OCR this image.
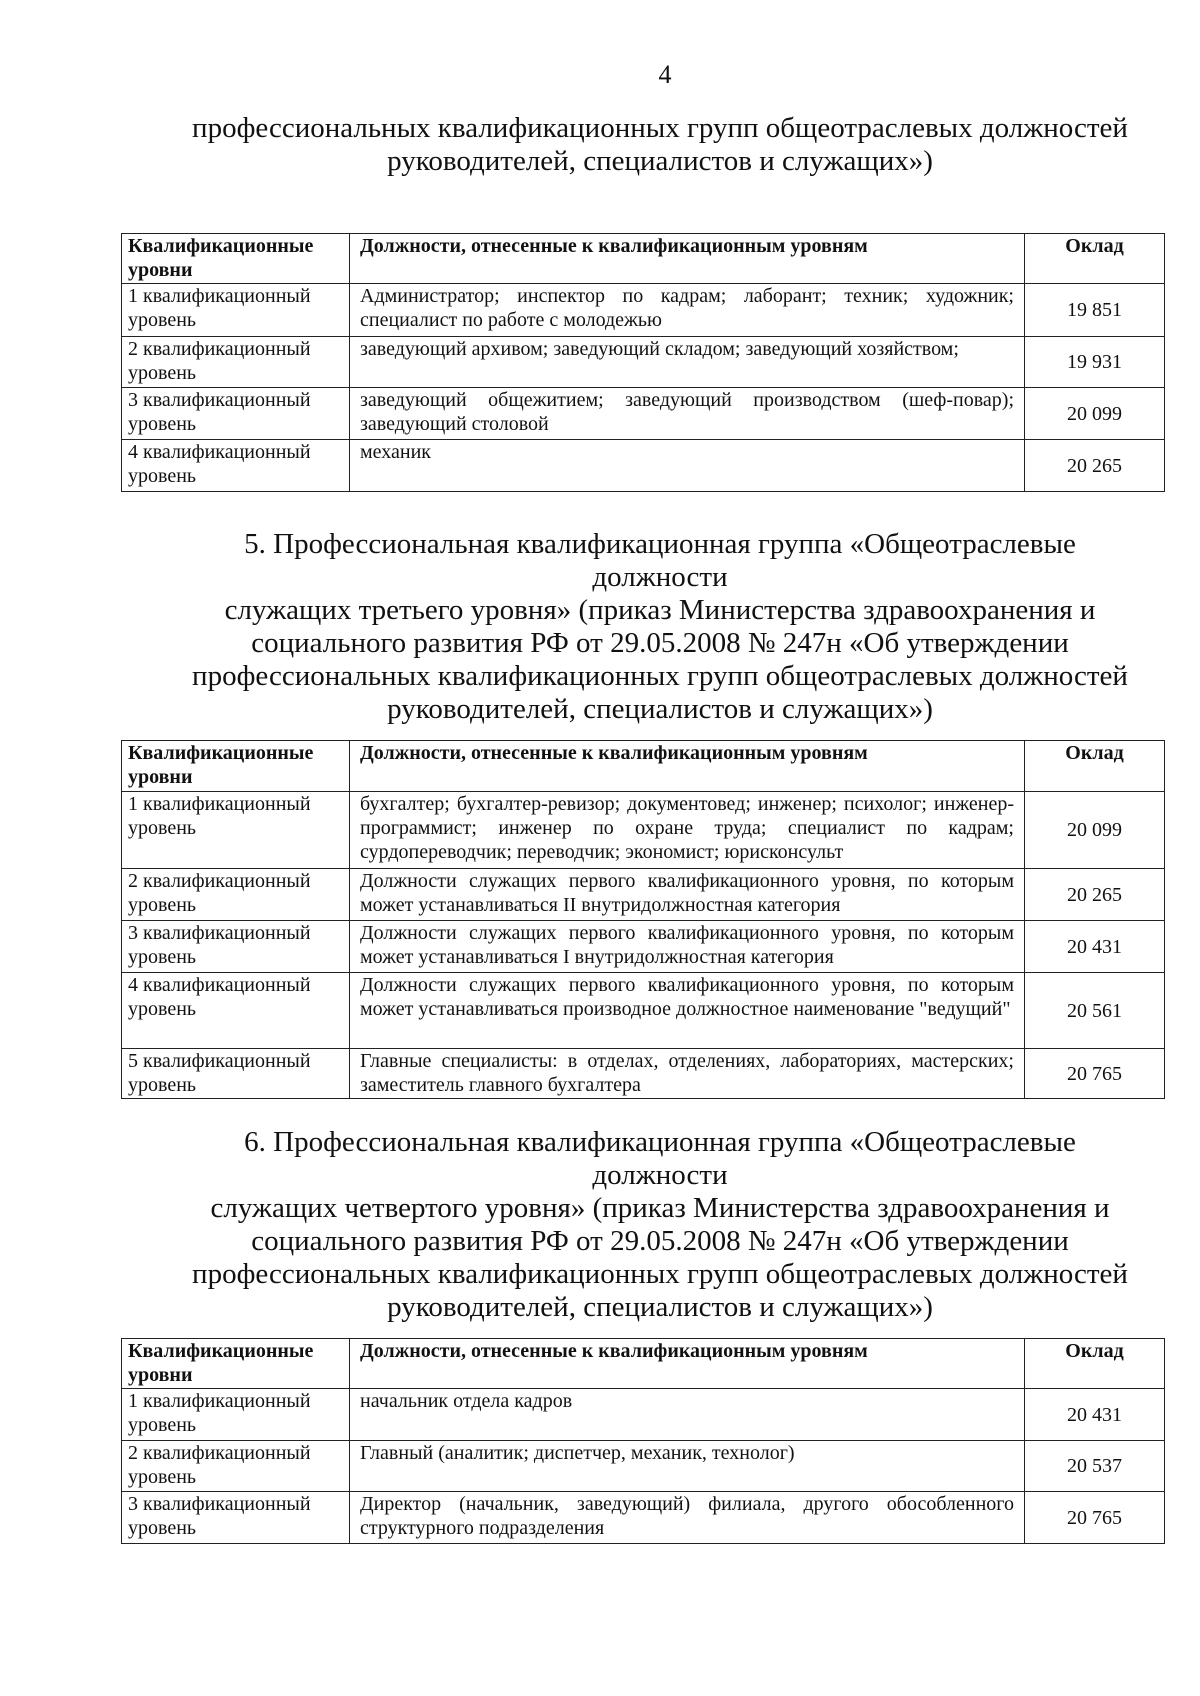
4
профессиональных квалификационных групп общеотраслевых должностей
руководителей, специалистов и служащих»)
Квалификационные уровни	Должности, отнесенные к квалификационным уровням	Оклад
1 квалификационный уровень	Администратор; инспектор по кадрам; лаборант; техник; художник; специалист по работе с молодежью	19 851
2 квалификационный уровень	заведующий архивом; заведующий складом; заведующий хозяйством;	19 931
3 квалификационный уровень	заведующий общежитием; заведующий производством (шеф-повар); заведующий столовой	20 099
4 квалификационный уровень	механик	20 265
5. Профессиональная квалификационная группа «Общеотраслевые должности
служащих третьего уровня» (приказ Министерства здравоохранения и
социального развития РФ от 29.05.2008 № 247н «Об утверждении
профессиональных квалификационных групп общеотраслевых должностей
руководителей, специалистов и служащих»)
Квалификационные уровни	Должности, отнесенные к квалификационным уровням	Оклад
1 квалификационный уровень	бухгалтер; бухгалтер-ревизор; документовед; инженер; психолог; инженер-программист; инженер по охране труда; специалист по кадрам; сурдопереводчик; переводчик; экономист; юрисконсульт	20 099
2 квалификационный уровень	Должности служащих первого квалификационного уровня, по которым может устанавливаться II внутридолжностная категория	20 265
3 квалификационный уровень	Должности служащих первого квалификационного уровня, по которым может устанавливаться I внутридолжностная категория	20 431
4 квалификационный уровень	Должности служащих первого квалификационного уровня, по которым может устанавливаться производное должностное наименование "ведущий"	20 561
5 квалификационный уровень	Главные специалисты: в отделах, отделениях, лабораториях, мастерских; заместитель главного бухгалтера	20 765
6. Профессиональная квалификационная группа «Общеотраслевые должности
служащих четвертого уровня» (приказ Министерства здравоохранения и
социального развития РФ от 29.05.2008 № 247н «Об утверждении
профессиональных квалификационных групп общеотраслевых должностей
руководителей, специалистов и служащих»)
Квалификационные уровни	Должности, отнесенные к квалификационным уровням	Оклад
1 квалификационный уровень	начальник отдела кадров	20 431
2 квалификационный уровень	Главный (аналитик; диспетчер, механик, технолог)	20 537
3 квалификационный уровень	Директор (начальник, заведующий) филиала, другого обособленного структурного подразделения	20 765
